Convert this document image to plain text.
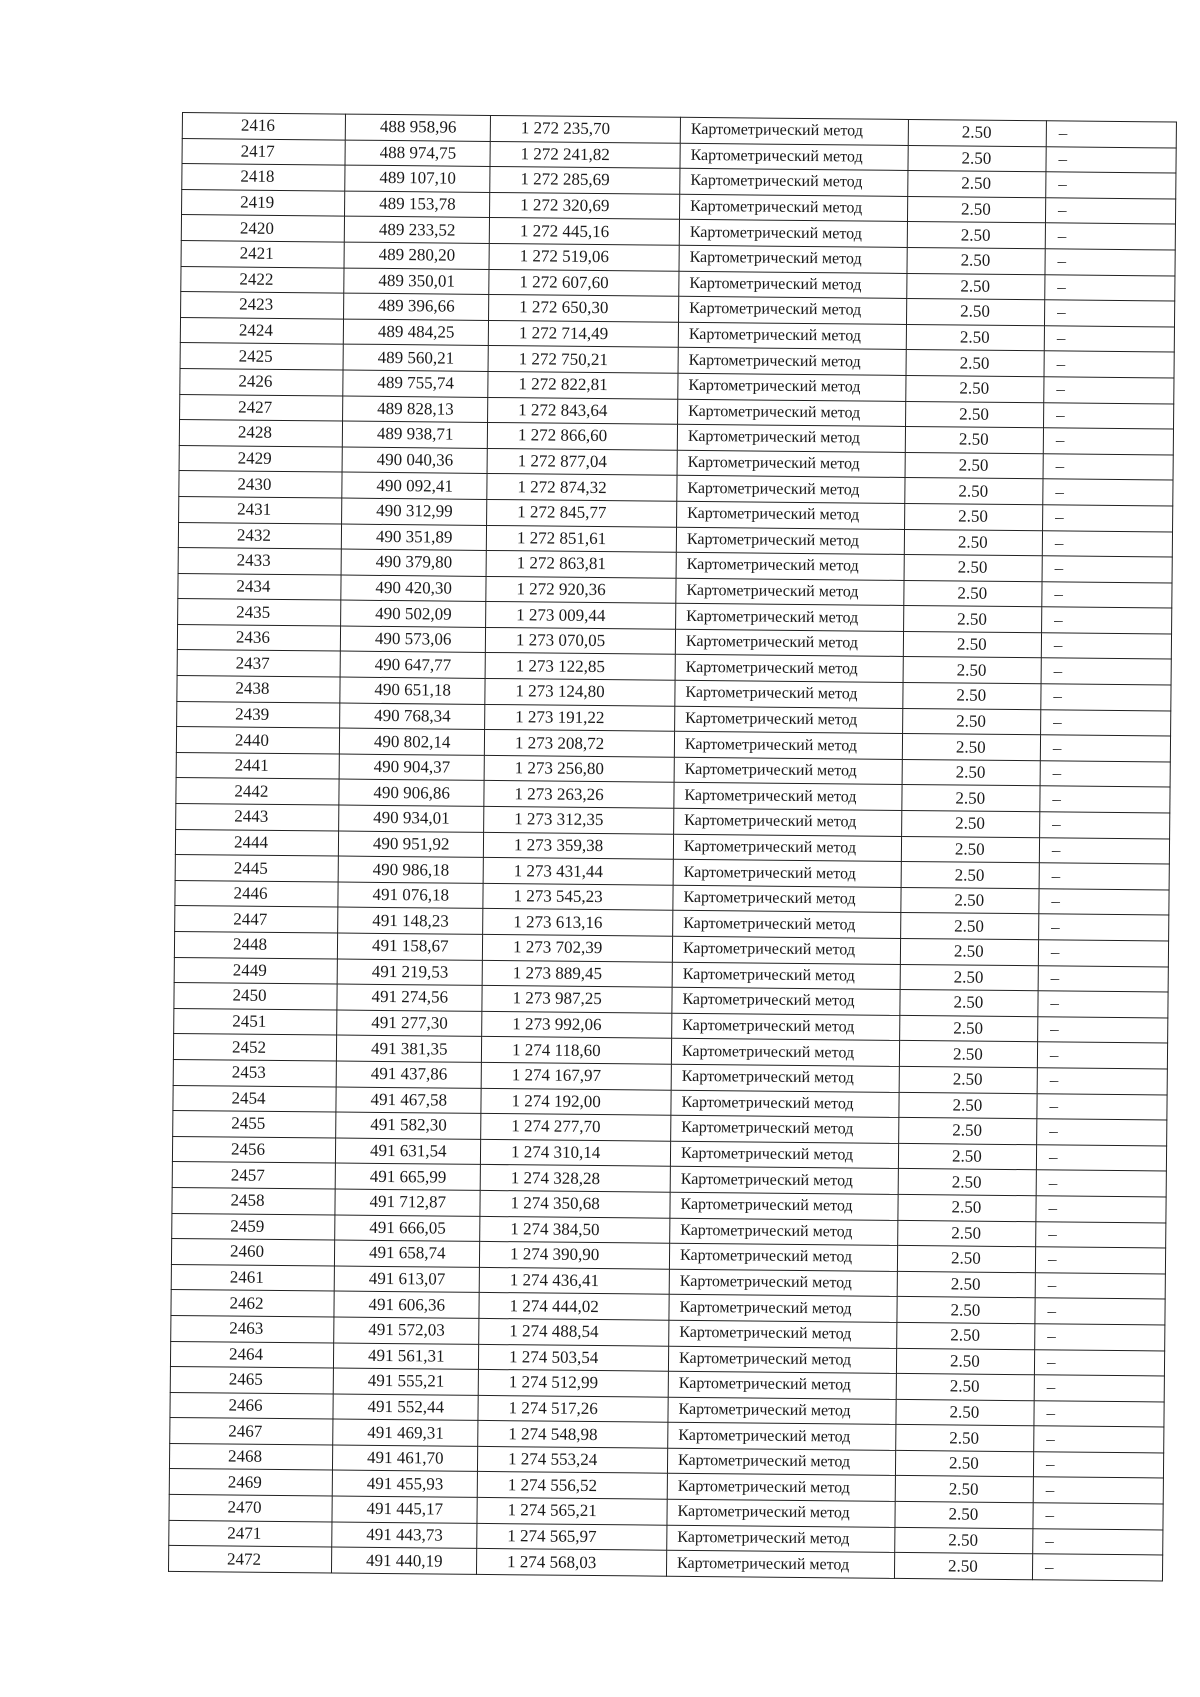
2416	488 958,96	1 272 235,70	Картометрический метод	2.50	–
2417	488 974,75	1 272 241,82	Картометрический метод	2.50	–
2418	489 107,10	1 272 285,69	Картометрический метод	2.50	–
2419	489 153,78	1 272 320,69	Картометрический метод	2.50	–
2420	489 233,52	1 272 445,16	Картометрический метод	2.50	–
2421	489 280,20	1 272 519,06	Картометрический метод	2.50	–
2422	489 350,01	1 272 607,60	Картометрический метод	2.50	–
2423	489 396,66	1 272 650,30	Картометрический метод	2.50	–
2424	489 484,25	1 272 714,49	Картометрический метод	2.50	–
2425	489 560,21	1 272 750,21	Картометрический метод	2.50	–
2426	489 755,74	1 272 822,81	Картометрический метод	2.50	–
2427	489 828,13	1 272 843,64	Картометрический метод	2.50	–
2428	489 938,71	1 272 866,60	Картометрический метод	2.50	–
2429	490 040,36	1 272 877,04	Картометрический метод	2.50	–
2430	490 092,41	1 272 874,32	Картометрический метод	2.50	–
2431	490 312,99	1 272 845,77	Картометрический метод	2.50	–
2432	490 351,89	1 272 851,61	Картометрический метод	2.50	–
2433	490 379,80	1 272 863,81	Картометрический метод	2.50	–
2434	490 420,30	1 272 920,36	Картометрический метод	2.50	–
2435	490 502,09	1 273 009,44	Картометрический метод	2.50	–
2436	490 573,06	1 273 070,05	Картометрический метод	2.50	–
2437	490 647,77	1 273 122,85	Картометрический метод	2.50	–
2438	490 651,18	1 273 124,80	Картометрический метод	2.50	–
2439	490 768,34	1 273 191,22	Картометрический метод	2.50	–
2440	490 802,14	1 273 208,72	Картометрический метод	2.50	–
2441	490 904,37	1 273 256,80	Картометрический метод	2.50	–
2442	490 906,86	1 273 263,26	Картометрический метод	2.50	–
2443	490 934,01	1 273 312,35	Картометрический метод	2.50	–
2444	490 951,92	1 273 359,38	Картометрический метод	2.50	–
2445	490 986,18	1 273 431,44	Картометрический метод	2.50	–
2446	491 076,18	1 273 545,23	Картометрический метод	2.50	–
2447	491 148,23	1 273 613,16	Картометрический метод	2.50	–
2448	491 158,67	1 273 702,39	Картометрический метод	2.50	–
2449	491 219,53	1 273 889,45	Картометрический метод	2.50	–
2450	491 274,56	1 273 987,25	Картометрический метод	2.50	–
2451	491 277,30	1 273 992,06	Картометрический метод	2.50	–
2452	491 381,35	1 274 118,60	Картометрический метод	2.50	–
2453	491 437,86	1 274 167,97	Картометрический метод	2.50	–
2454	491 467,58	1 274 192,00	Картометрический метод	2.50	–
2455	491 582,30	1 274 277,70	Картометрический метод	2.50	–
2456	491 631,54	1 274 310,14	Картометрический метод	2.50	–
2457	491 665,99	1 274 328,28	Картометрический метод	2.50	–
2458	491 712,87	1 274 350,68	Картометрический метод	2.50	–
2459	491 666,05	1 274 384,50	Картометрический метод	2.50	–
2460	491 658,74	1 274 390,90	Картометрический метод	2.50	–
2461	491 613,07	1 274 436,41	Картометрический метод	2.50	–
2462	491 606,36	1 274 444,02	Картометрический метод	2.50	–
2463	491 572,03	1 274 488,54	Картометрический метод	2.50	–
2464	491 561,31	1 274 503,54	Картометрический метод	2.50	–
2465	491 555,21	1 274 512,99	Картометрический метод	2.50	–
2466	491 552,44	1 274 517,26	Картометрический метод	2.50	–
2467	491 469,31	1 274 548,98	Картометрический метод	2.50	–
2468	491 461,70	1 274 553,24	Картометрический метод	2.50	–
2469	491 455,93	1 274 556,52	Картометрический метод	2.50	–
2470	491 445,17	1 274 565,21	Картометрический метод	2.50	–
2471	491 443,73	1 274 565,97	Картометрический метод	2.50	–
2472	491 440,19	1 274 568,03	Картометрический метод	2.50	–
